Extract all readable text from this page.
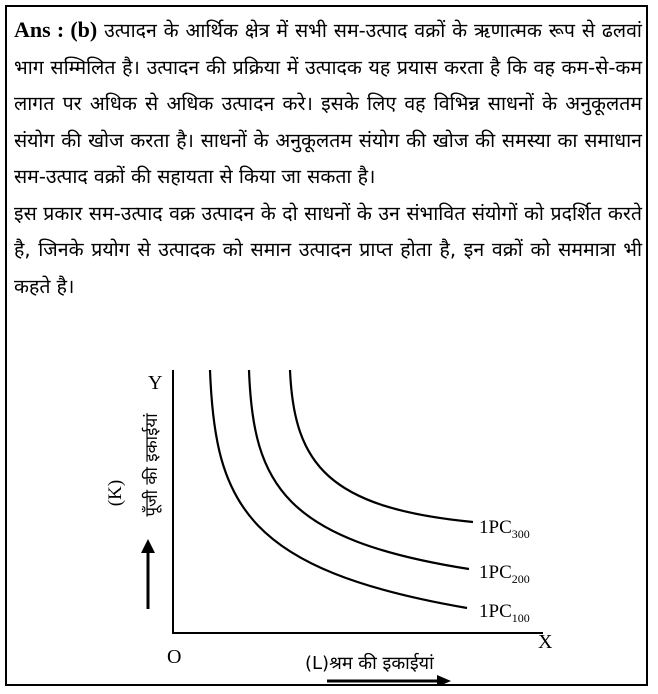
Ans : (b) उत्पादन के आर्थिक क्षेत्र में सभी सम-उत्पाद वक्रों के ऋणात्मक रूप से ढलवां भाग सम्मिलित है। उत्पादन की प्रक्रिया में उत्पादक यह प्रयास करता है कि वह कम-से-कम लागत पर अधिक से अधिक उत्पादन करे। इसके लिए वह विभिन्न साधनों के अनुकूलतम संयोग की खोज करता है। साधनों के अनुकूलतम संयोग की खोज की समस्या का समाधान सम-उत्पाद वक्रों की सहायता से किया जा सकता है।

इस प्रकार सम-उत्पाद वक्र उत्पादन के दो साधनों के उन संभावित संयोगों को प्रदर्शित करते है, जिनके प्रयोग से उत्पादक को समान उत्पादन प्राप्त होता है, इन वक्रों को सममात्रा भी कहते है।

Y
X
O
$1PC_{300}$
$1PC_{200}$
$1PC_{100}$
(K) पूँजी की इकाईयां
(L)श्रम की इकाईयां
